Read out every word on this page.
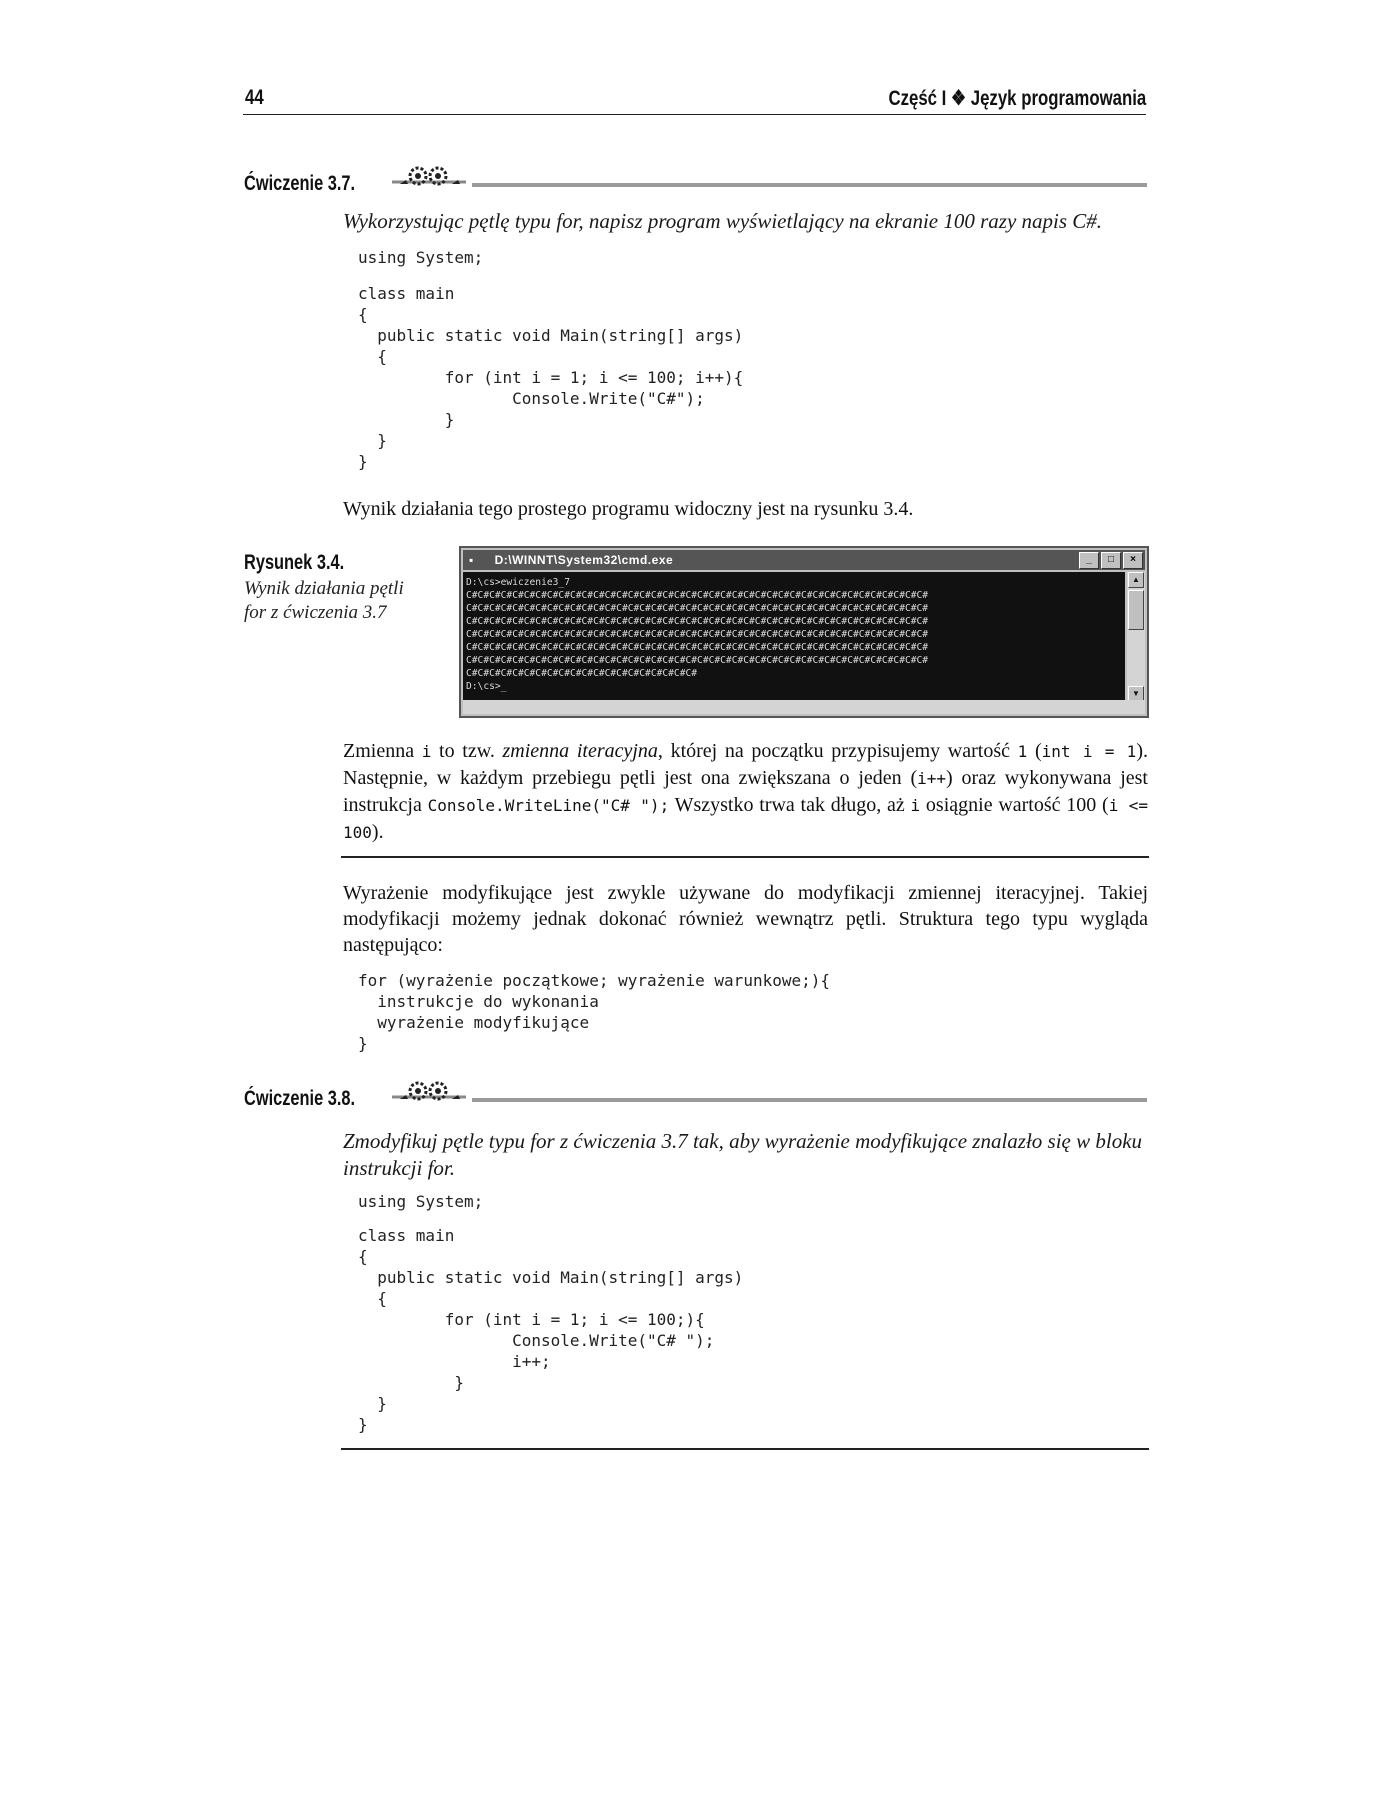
44	Część I ❖ Język programowania
Ćwiczenie 3.7.
Wykorzystując pętlę typu for, napisz program wyświetlający na ekranie 100 razy napis C#.
using System;
class main
{
public static void Main(string[] args)
{
for (int i = 1; i <= 100; i++){
Console.Write("C#");
}
}
}
Wynik działania tego prostego programu widoczny jest na rysunku 3.4.
Rysunek 3.4.
Wynik działania pętli
for z ćwiczenia 3.7
▪ D:\WINNT\System32\cmd.exe	_	□	×
D:\cs>ewiczenie3_7
C#C#C#C#C#C#C#C#C#C#C#C#C#C#C#C#C#C#C#C#C#C#C#C#C#C#C#C#C#C#C#C#C#C#C#C#C#C#C#C#
C#C#C#C#C#C#C#C#C#C#C#C#C#C#C#C#C#C#C#C#C#C#C#C#C#C#C#C#C#C#C#C#C#C#C#C#C#C#C#C#
C#C#C#C#C#C#C#C#C#C#C#C#C#C#C#C#C#C#C#C#C#C#C#C#C#C#C#C#C#C#C#C#C#C#C#C#C#C#C#C#
C#C#C#C#C#C#C#C#C#C#C#C#C#C#C#C#C#C#C#C#C#C#C#C#C#C#C#C#C#C#C#C#C#C#C#C#C#C#C#C#
C#C#C#C#C#C#C#C#C#C#C#C#C#C#C#C#C#C#C#C#C#C#C#C#C#C#C#C#C#C#C#C#C#C#C#C#C#C#C#C#
C#C#C#C#C#C#C#C#C#C#C#C#C#C#C#C#C#C#C#C#C#C#C#C#C#C#C#C#C#C#C#C#C#C#C#C#C#C#C#C#
C#C#C#C#C#C#C#C#C#C#C#C#C#C#C#C#C#C#C#C#
D:\cs>_
▲
▼
Zmienna i to tzw. zmienna iteracyjna, której na początku przypisujemy wartość 1 (int i = 1). Następnie, w każdym przebiegu pętli jest ona zwiększana o jeden (i++) oraz wykonywana jest instrukcja Console.WriteLine("C# "); Wszystko trwa tak długo, aż i osiągnie wartość 100 (i <= 100).
Wyrażenie modyfikujące jest zwykle używane do modyfikacji zmiennej iteracyjnej. Takiej modyfikacji możemy jednak dokonać również wewnątrz pętli. Struktura tego typu wygląda następująco:
for (wyrażenie początkowe; wyrażenie warunkowe;){
instrukcje do wykonania
wyrażenie modyfikujące
}
Ćwiczenie 3.8.
Zmodyfikuj pętle typu for z ćwiczenia 3.7 tak, aby wyrażenie modyfikujące znalazło się w bloku instrukcji for.
using System;
class main
{
public static void Main(string[] args)
{
for (int i = 1; i <= 100;){
Console.Write("C# ");
i++;
}
}
}
